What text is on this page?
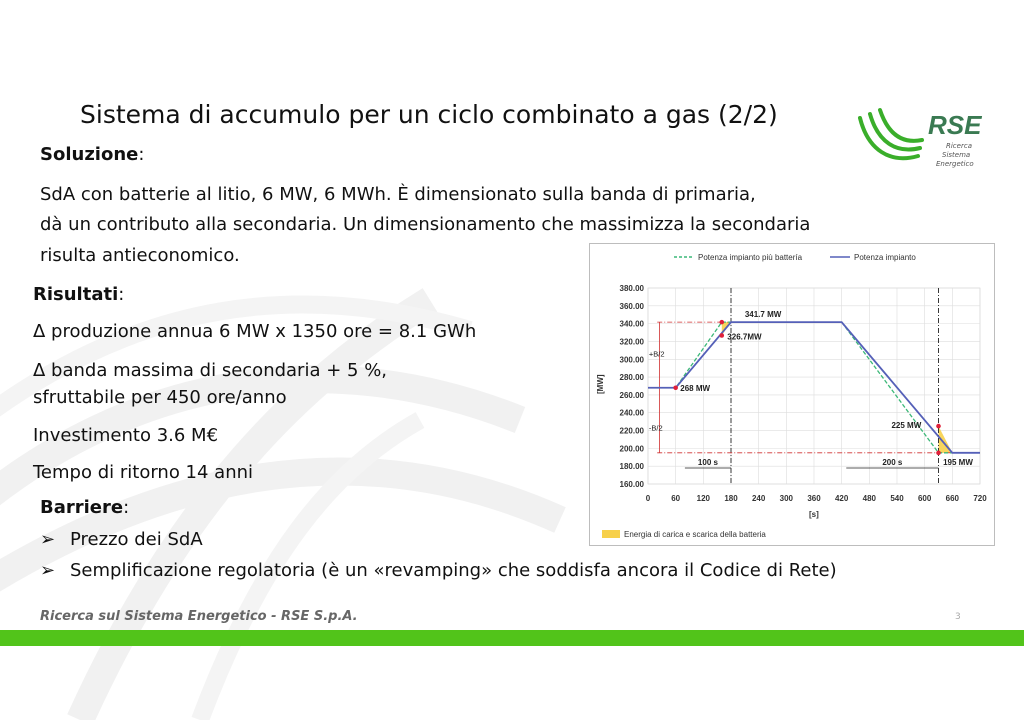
Sistema di accumulo per un ciclo combinato a gas (2/2)	RSE
Ricerca
Sistema
Energetico
Soluzione:
SdA con batterie al litio, 6 MW, 6 MWh. È dimensionato sulla banda di primaria,
dà un contributo alla secondaria. Un dimensionamento che massimizza la secondaria
risulta antieconomico.
Risultati:
Δ produzione annua 6 MW x 1350 ore = 8.1 GWh
Δ banda massima di secondaria + 5 %,
sfruttabile per 450 ore/anno
Investimento 3.6 M€
Tempo di ritorno 14 anni
Barriere:
➢ Prezzo dei SdA
➢ Semplificazione regolatoria (è un «revamping» che soddisfa ancora il Codice di Rete)
Potenza impianto più battería	Potenza impianto
160.00
180.00
200.00
220.00
240.00
260.00
280.00
300.00
320.00
340.00
360.00
380.00
0	60 120 180 240 300 360 420 480 540 600 660 720
341.7 MW
326.7MW
268 MW
225 MW
195 MW
+B/2
-B/2
100 s	200 s
[MW]
[s]
Energia di carica e scarica della batteria
Ricerca sul Sistema Energetico - RSE S.p.A.	3
